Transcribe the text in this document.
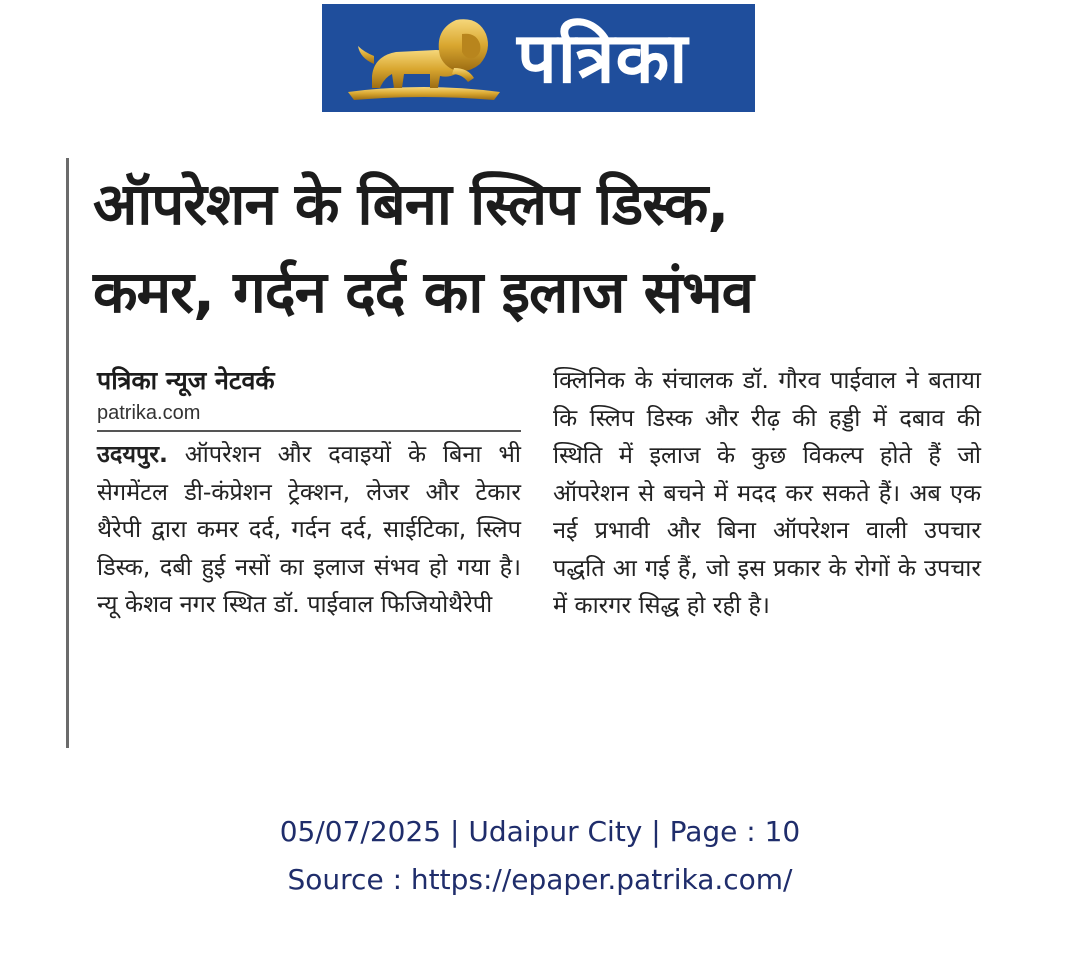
पत्रिका
ऑपरेशन के बिना स्लिप डिस्क,
कमर, गर्दन दर्द का इलाज संभव

पत्रिका न्यूज नेटवर्क

patrika.com

उदयपुर. ऑपरेशन और दवाइयों के बिना भी सेगमेंटल डी-कंप्रेशन ट्रेक्शन, लेजर और टेकार थैरेपी द्वारा कमर दर्द, गर्दन दर्द, साईटिका, स्लिप डिस्क, दबी हुई नसों का इलाज संभव हो गया है। न्यू केशव नगर स्थित डॉ. पाईवाल फिजियोथैरेपी

क्लिनिक के संचालक डॉ. गौरव पाईवाल ने बताया कि स्लिप डिस्क और रीढ़ की हड्डी में दबाव की स्थिति में इलाज के कुछ विकल्प होते हैं जो ऑपरेशन से बचने में मदद कर सकते हैं। अब एक नई प्रभावी और बिना ऑपरेशन वाली उपचार पद्धति आ गई हैं, जो इस प्रकार के रोगों के उपचार में कारगर सिद्ध हो रही है।

05/07/2025 | Udaipur City | Page : 10
Source : https://epaper.patrika.com/
